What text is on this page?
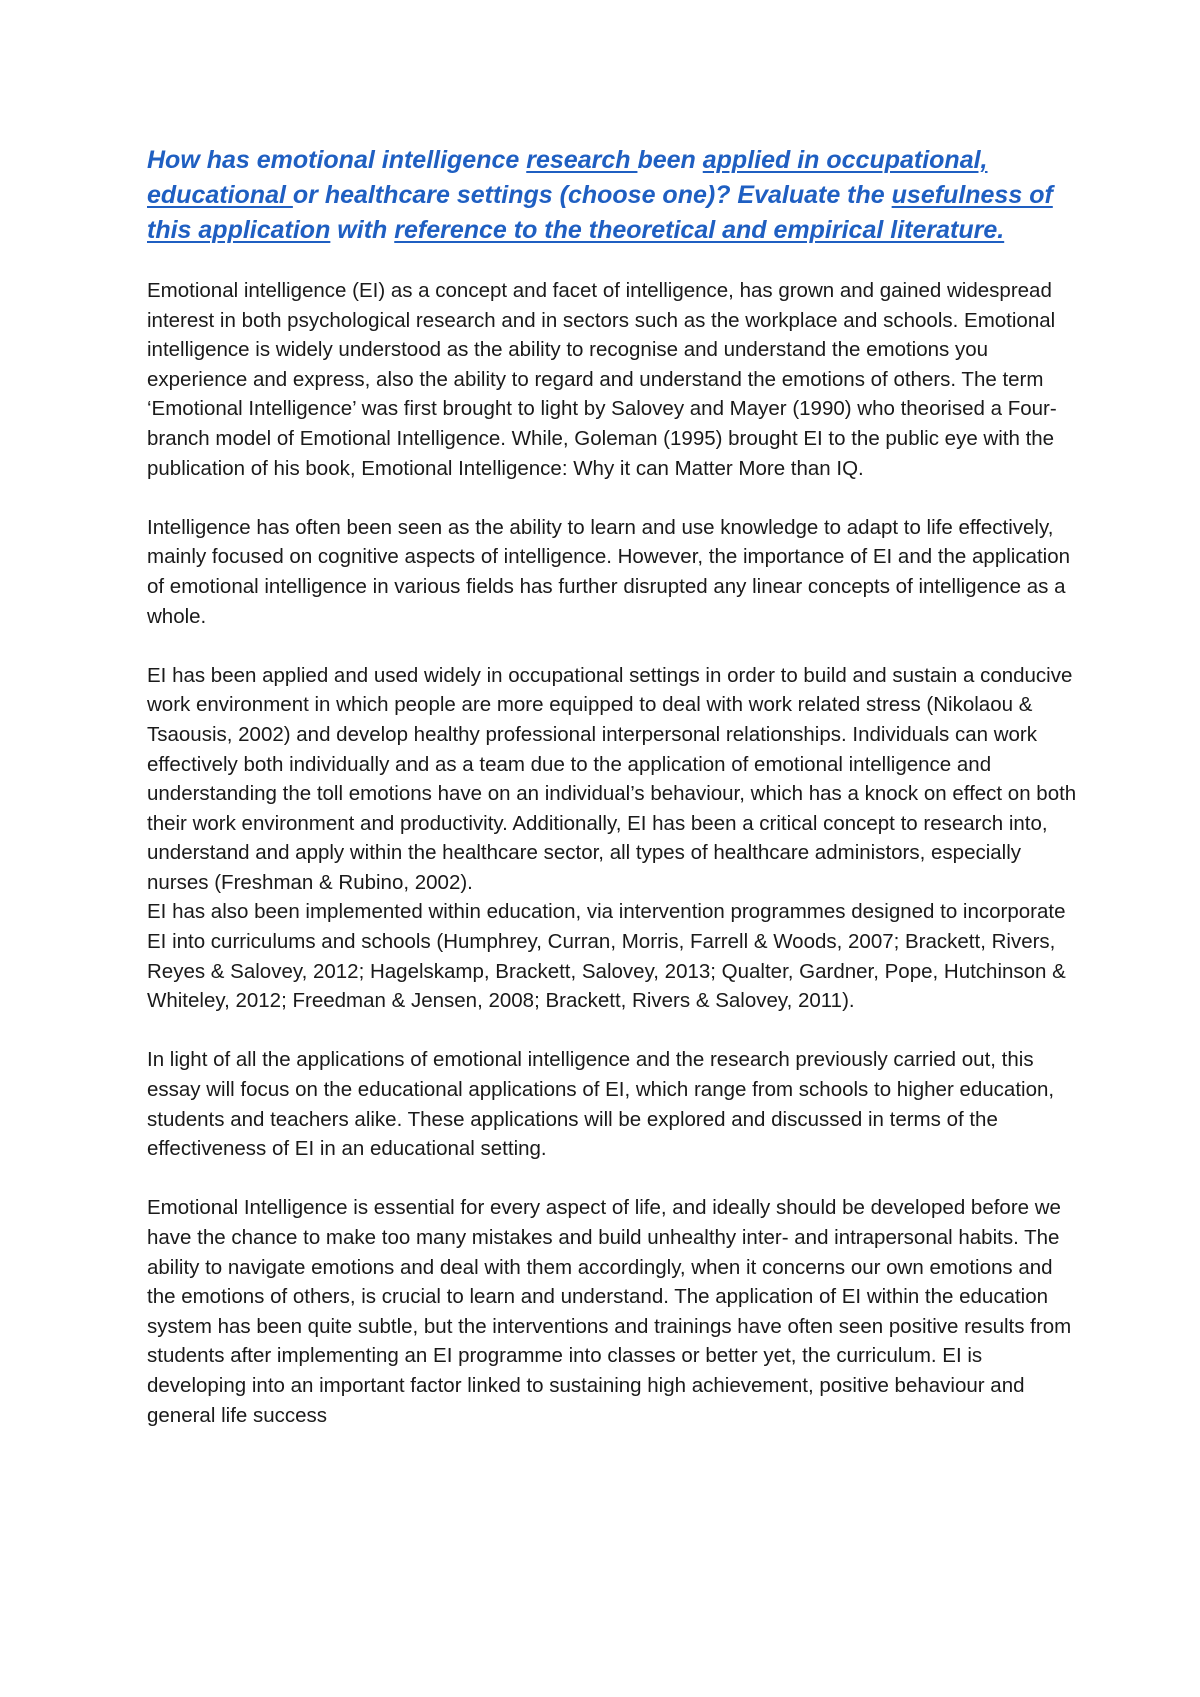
How has emotional intelligence research been applied in occupational,
educational or healthcare settings (choose one)? Evaluate the usefulness of this application with reference to the theoretical and empirical literature.

Emotional intelligence (EI) as a concept and facet of intelligence, has grown and gained widespread interest in both psychological research and in sectors such as the workplace and schools. Emotional intelligence is widely understood as the ability to recognise and understand the emotions you experience and express, also the ability to regard and understand the emotions of others. The term ‘Emotional Intelligence’ was first brought to light by Salovey and Mayer (1990) who theorised a Four-branch model of Emotional Intelligence. While, Goleman (1995) brought EI to the public eye with the publication of his book, Emotional Intelligence: Why it can Matter More than IQ.

Intelligence has often been seen as the ability to learn and use knowledge to adapt to life effectively, mainly focused on cognitive aspects of intelligence. However, the importance of EI and the application of emotional intelligence in various fields has further disrupted any linear concepts of intelligence as a whole.

EI has been applied and used widely in occupational settings in order to build and sustain a conducive work environment in which people are more equipped to deal with work related stress (Nikolaou & Tsaousis, 2002) and develop healthy professional interpersonal relationships. Individuals can work effectively both individually and as a team due to the application of emotional intelligence and understanding the toll emotions have on an individual’s behaviour, which has a knock on effect on both their work environment and productivity. Additionally, EI has been a critical concept to research into, understand and apply within the healthcare sector, all types of healthcare administors, especially nurses (Freshman & Rubino, 2002).

EI has also been implemented within education, via intervention programmes designed to incorporate EI into curriculums and schools (Humphrey, Curran, Morris, Farrell & Woods, 2007; Brackett, Rivers, Reyes & Salovey, 2012; Hagelskamp, Brackett, Salovey, 2013; Qualter, Gardner, Pope, Hutchinson & Whiteley, 2012; Freedman & Jensen, 2008; Brackett, Rivers & Salovey, 2011).

In light of all the applications of emotional intelligence and the research previously carried out, this essay will focus on the educational applications of EI, which range from schools to higher education, students and teachers alike. These applications will be explored and discussed in terms of the effectiveness of EI in an educational setting.

Emotional Intelligence is essential for every aspect of life, and ideally should be developed before we have the chance to make too many mistakes and build unhealthy inter- and intrapersonal habits. The ability to navigate emotions and deal with them accordingly, when it concerns our own emotions and the emotions of others, is crucial to learn and understand. The application of EI within the education system has been quite subtle, but the interventions and trainings have often seen positive results from students after implementing an EI programme into classes or better yet, the curriculum. EI is developing into an important factor linked to sustaining high achievement, positive behaviour and general life success
